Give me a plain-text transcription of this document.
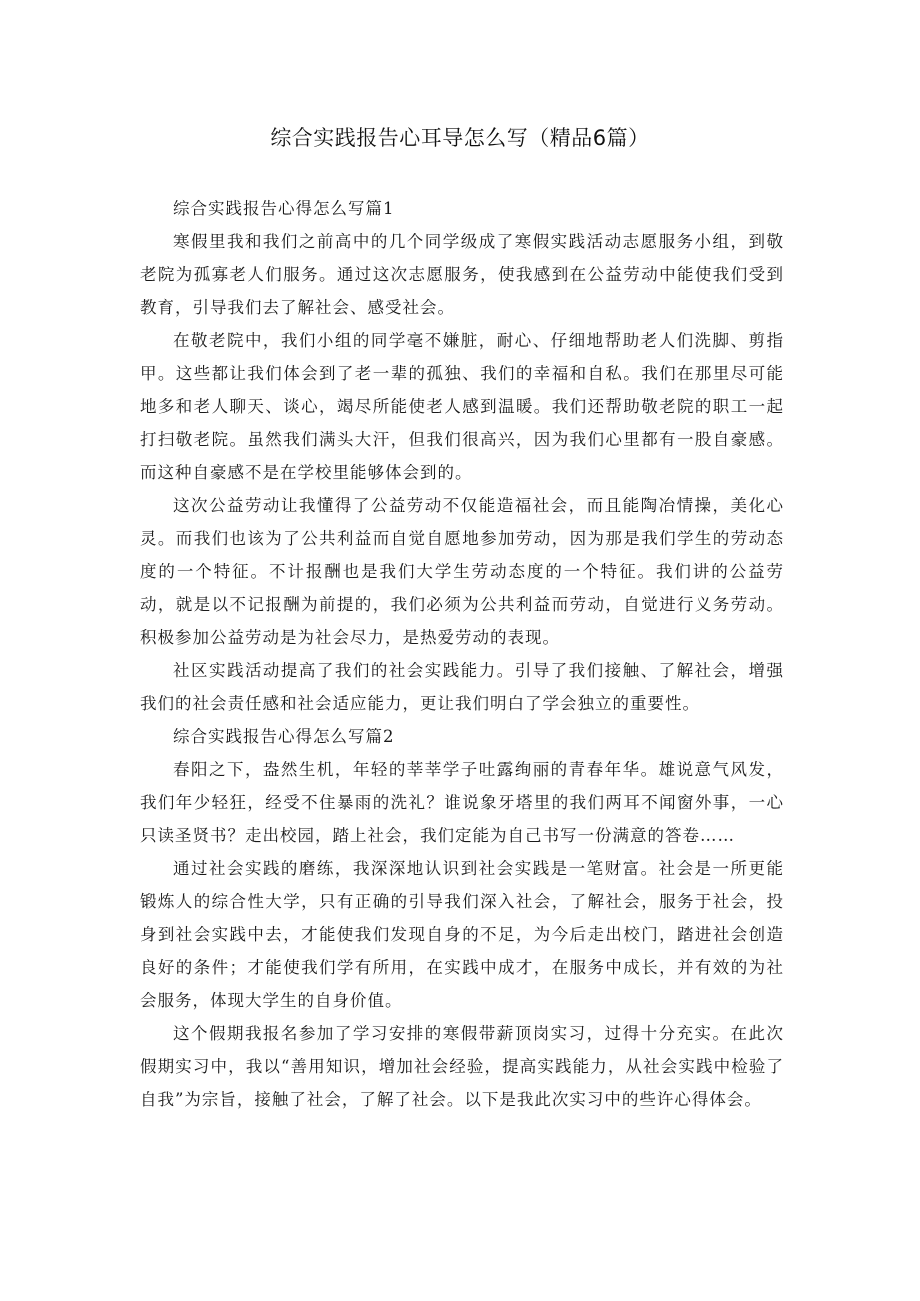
综合实践报告心耳导怎么写（精品6篇）
综合实践报告心得怎么写篇1

寒假里我和我们之前高中的几个同学级成了寒假实践活动志愿服务小组，到敬老院为孤寡老人们服务。通过这次志愿服务，使我感到在公益劳动中能使我们受到教育，引导我们去了解社会、感受社会。

在敬老院中，我们小组的同学毫不嫌脏，耐心、仔细地帮助老人们洗脚、剪指甲。这些都让我们体会到了老一辈的孤独、我们的幸福和自私。我们在那里尽可能地多和老人聊天、谈心，竭尽所能使老人感到温暖。我们还帮助敬老院的职工一起打扫敬老院。虽然我们满头大汗，但我们很高兴，因为我们心里都有一股自豪感。而这种自豪感不是在学校里能够体会到的。

这次公益劳动让我懂得了公益劳动不仅能造福社会，而且能陶冶情操，美化心灵。而我们也该为了公共利益而自觉自愿地参加劳动，因为那是我们学生的劳动态度的一个特征。不计报酬也是我们大学生劳动态度的一个特征。我们讲的公益劳动，就是以不记报酬为前提的，我们必须为公共利益而劳动，自觉进行义务劳动。积极参加公益劳动是为社会尽力，是热爱劳动的表现。

社区实践活动提高了我们的社会实践能力。引导了我们接触、了解社会，增强我们的社会责任感和社会适应能力，更让我们明白了学会独立的重要性。

综合实践报告心得怎么写篇2

春阳之下，盎然生机，年轻的莘莘学子吐露绚丽的青春年华。雄说意气风发，我们年少轻狂，经受不住暴雨的洗礼？谁说象牙塔里的我们两耳不闻窗外事，一心只读圣贤书？走出校园，踏上社会，我们定能为自己书写一份满意的答卷……

通过社会实践的磨练，我深深地认识到社会实践是一笔财富。社会是一所更能锻炼人的综合性大学，只有正确的引导我们深入社会，了解社会，服务于社会，投身到社会实践中去，才能使我们发现自身的不足，为今后走出校门，踏进社会创造良好的条件；才能使我们学有所用，在实践中成才，在服务中成长，并有效的为社会服务，体现大学生的自身价值。

这个假期我报名参加了学习安排的寒假带薪顶岗实习，过得十分充实。在此次假期实习中，我以“善用知识，增加社会经验，提高实践能力，从社会实践中检验了自我”为宗旨，接触了社会，了解了社会。以下是我此次实习中的些许心得体会。
